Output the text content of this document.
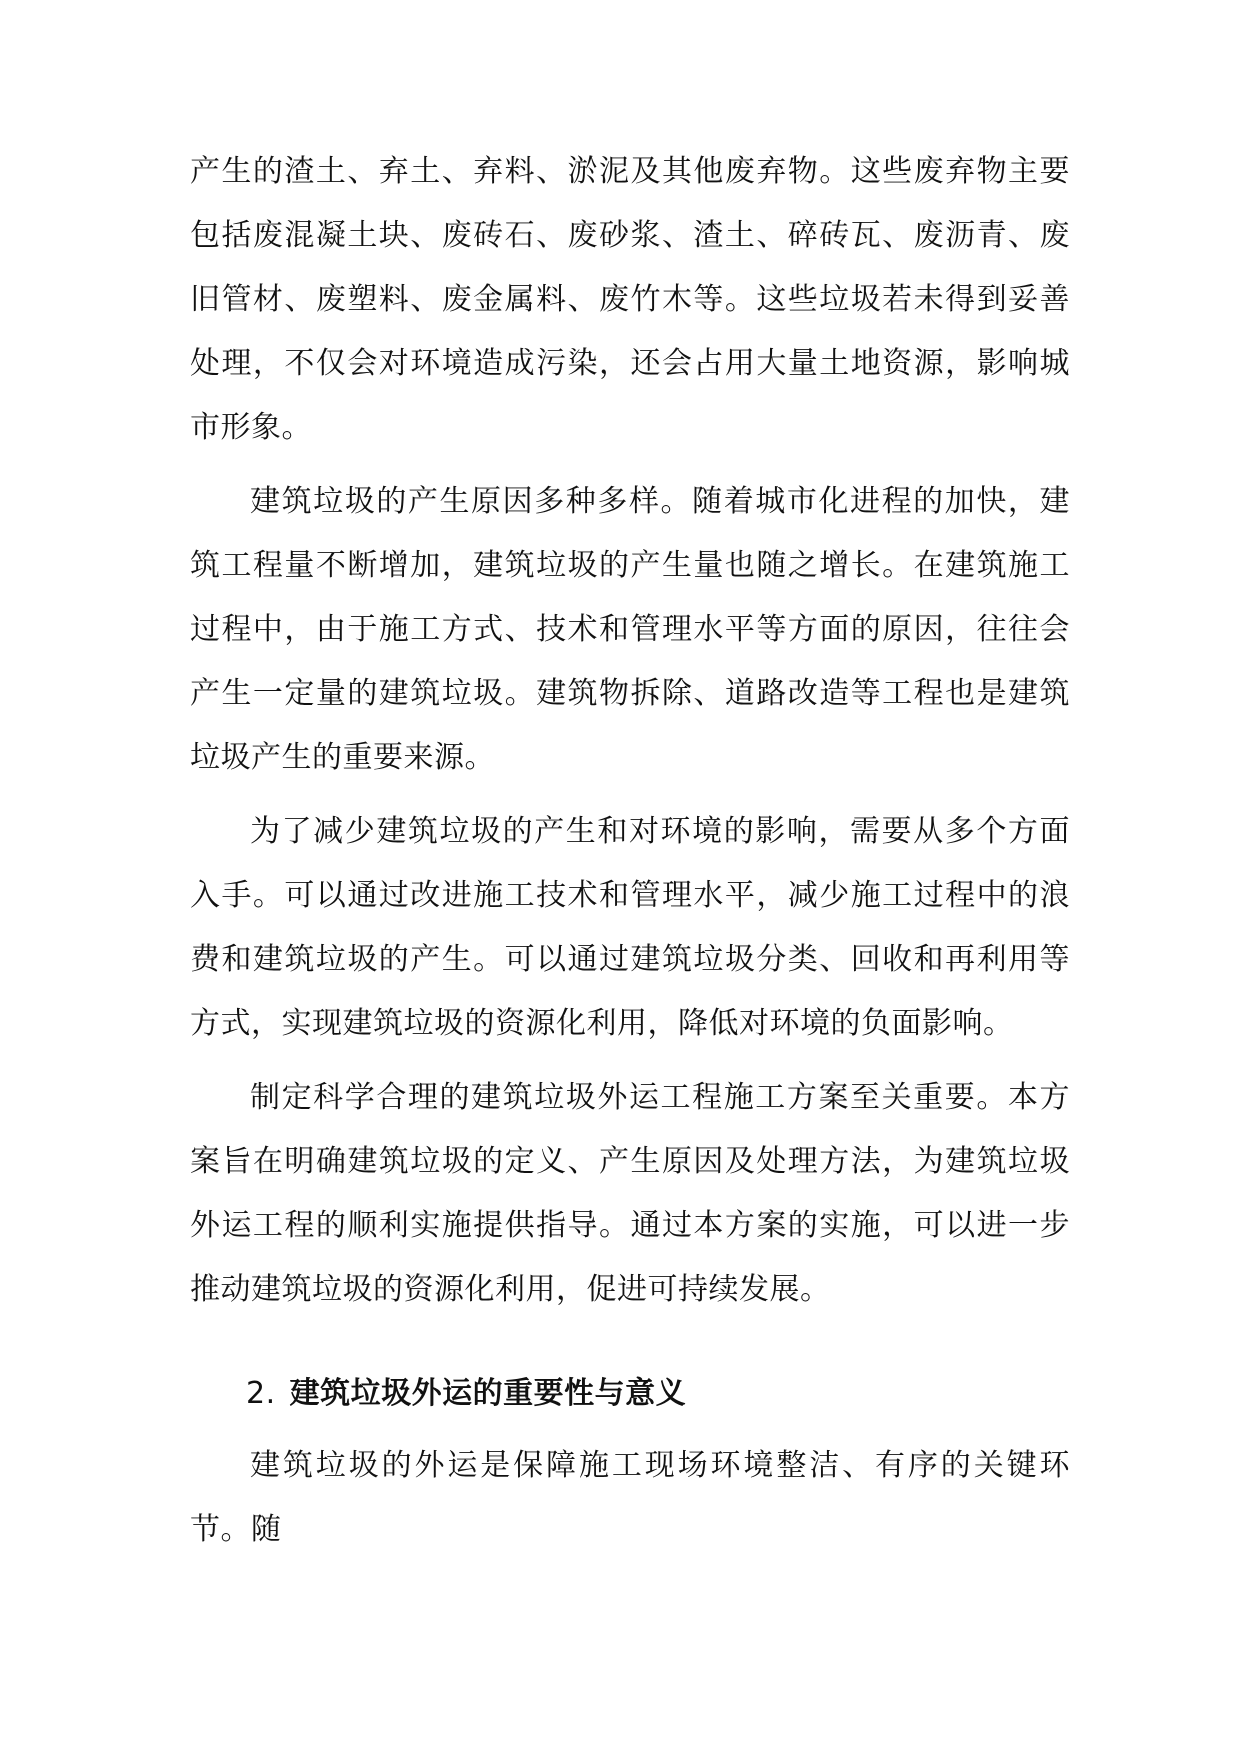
产生的渣土、弃土、弃料、淤泥及其他废弃物。这些废弃物主要包括废混凝土块、废砖石、废砂浆、渣土、碎砖瓦、废沥青、废旧管材、废塑料、废金属料、废竹木等。这些垃圾若未得到妥善处理，不仅会对环境造成污染，还会占用大量土地资源，影响城市形象。

建筑垃圾的产生原因多种多样。随着城市化进程的加快，建筑工程量不断增加，建筑垃圾的产生量也随之增长。在建筑施工过程中，由于施工方式、技术和管理水平等方面的原因，往往会产生一定量的建筑垃圾。建筑物拆除、道路改造等工程也是建筑垃圾产生的重要来源。

为了减少建筑垃圾的产生和对环境的影响，需要从多个方面入手。可以通过改进施工技术和管理水平，减少施工过程中的浪费和建筑垃圾的产生。可以通过建筑垃圾分类、回收和再利用等方式，实现建筑垃圾的资源化利用，降低对环境的负面影响。

制定科学合理的建筑垃圾外运工程施工方案至关重要。本方案旨在明确建筑垃圾的定义、产生原因及处理方法，为建筑垃圾外运工程的顺利实施提供指导。通过本方案的实施，可以进一步推动建筑垃圾的资源化利用，促进可持续发展。

2. 建筑垃圾外运的重要性与意义

建筑垃圾的外运是保障施工现场环境整洁、有序的关键环节。随
